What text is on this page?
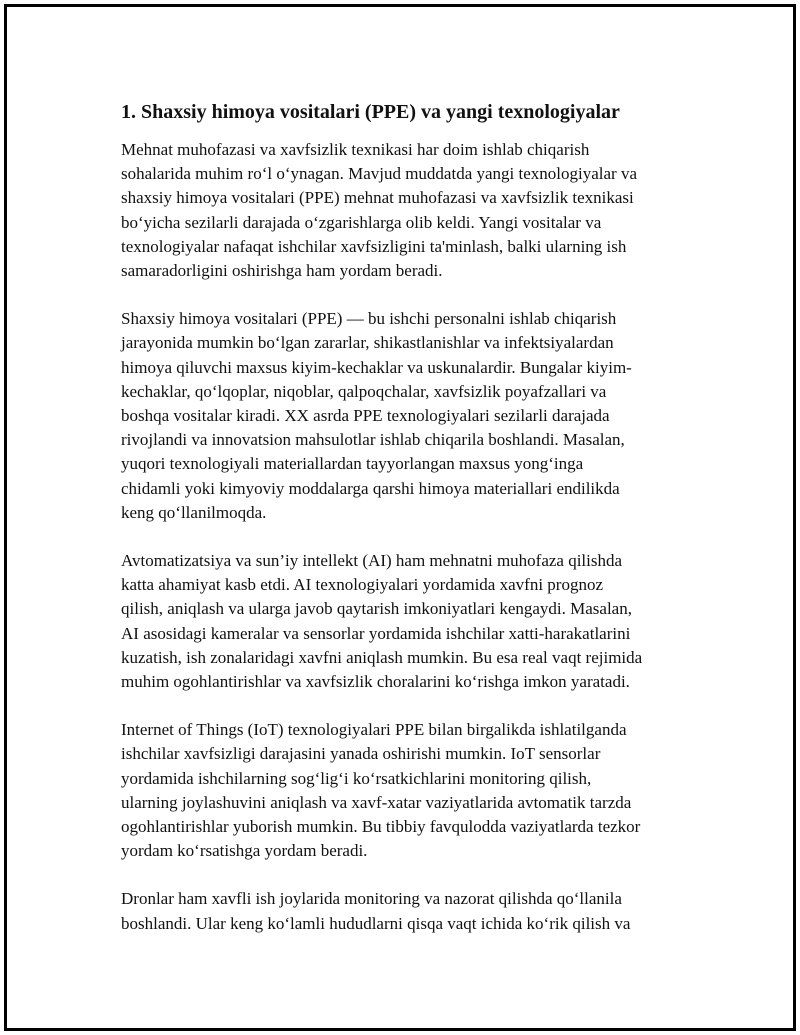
1. Shaxsiy himoya vositalari (PPE) va yangi texnologiyalar

Mehnat muhofazasi va xavfsizlik texnikasi har doim ishlab chiqarish
sohalarida muhim roʻl oʻynagan. Mavjud muddatda yangi texnologiyalar va
shaxsiy himoya vositalari (PPE) mehnat muhofazasi va xavfsizlik texnikasi
boʻyicha sezilarli darajada oʻzgarishlarga olib keldi. Yangi vositalar va
texnologiyalar nafaqat ishchilar xavfsizligini ta'minlash, balki ularning ish
samaradorligini oshirishga ham yordam beradi.

Shaxsiy himoya vositalari (PPE) — bu ishchi personalni ishlab chiqarish
jarayonida mumkin boʻlgan zararlar, shikastlanishlar va infektsiyalardan
himoya qiluvchi maxsus kiyim-kechaklar va uskunalardir. Bungalar kiyim-
kechaklar, qoʻlqoplar, niqoblar, qalpoqchalar, xavfsizlik poyafzallari va
boshqa vositalar kiradi. XX asrda PPE texnologiyalari sezilarli darajada
rivojlandi va innovatsion mahsulotlar ishlab chiqarila boshlandi. Masalan,
yuqori texnologiyali materiallardan tayyorlangan maxsus yongʻinga
chidamli yoki kimyoviy moddalarga qarshi himoya materiallari endilikda
keng qoʻllanilmoqda.

Avtomatizatsiya va sun’iy intellekt (AI) ham mehnatni muhofaza qilishda
katta ahamiyat kasb etdi. AI texnologiyalari yordamida xavfni prognoz
qilish, aniqlash va ularga javob qaytarish imkoniyatlari kengaydi. Masalan,
AI asosidagi kameralar va sensorlar yordamida ishchilar xatti-harakatlarini
kuzatish, ish zonalaridagi xavfni aniqlash mumkin. Bu esa real vaqt rejimida
muhim ogohlantirishlar va xavfsizlik choralarini koʻrishga imkon yaratadi.

Internet of Things (IoT) texnologiyalari PPE bilan birgalikda ishlatilganda
ishchilar xavfsizligi darajasini yanada oshirishi mumkin. IoT sensorlar
yordamida ishchilarning sogʻligʻi koʻrsatkichlarini monitoring qilish,
ularning joylashuvini aniqlash va xavf-xatar vaziyatlarida avtomatik tarzda
ogohlantirishlar yuborish mumkin. Bu tibbiy favqulodda vaziyatlarda tezkor
yordam koʻrsatishga yordam beradi.

Dronlar ham xavfli ish joylarida monitoring va nazorat qilishda qoʻllanila
boshlandi. Ular keng koʻlamli hududlarni qisqa vaqt ichida koʻrik qilish va
